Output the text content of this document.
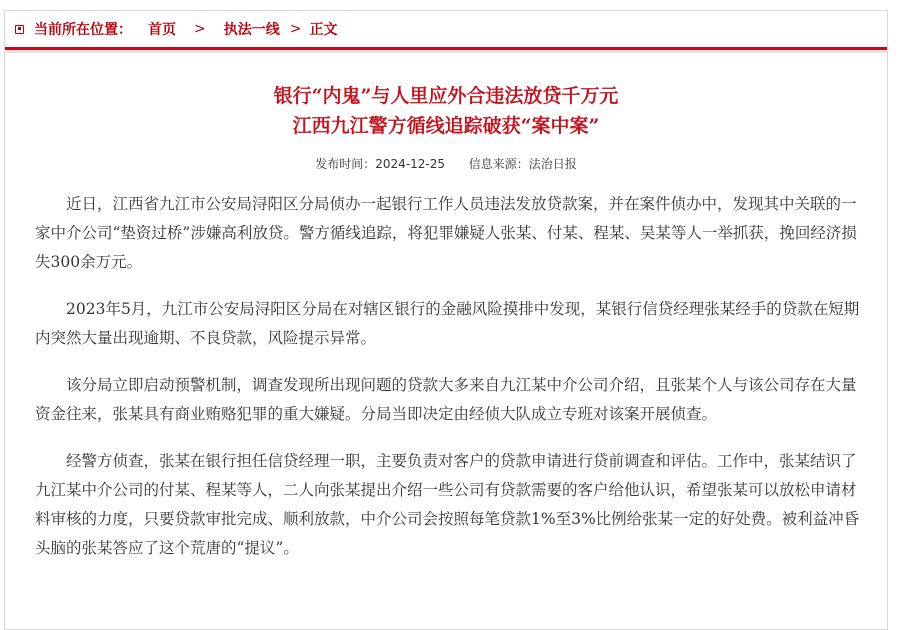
当前所在位置： 首页 > 执法一线 > 正文
银行“内鬼”与人里应外合违法放贷千万元
江西九江警方循线追踪破获“案中案”
发布时间：2024-12-25 信息来源：法治日报

近日，江西省九江市公安局浔阳区分局侦办一起银行工作人员违法发放贷款案，并在案件侦办中，发现其中关联的一家中介公司“垫资过桥”涉嫌高利放贷。警方循线追踪，将犯罪嫌疑人张某、付某、程某、吴某等人一举抓获，挽回经济损失300余万元。

2023年5月，九江市公安局浔阳区分局在对辖区银行的金融风险摸排中发现，某银行信贷经理张某经手的贷款在短期内突然大量出现逾期、不良贷款，风险提示异常。

该分局立即启动预警机制，调查发现所出现问题的贷款大多来自九江某中介公司介绍，且张某个人与该公司存在大量资金往来，张某具有商业贿赂犯罪的重大嫌疑。分局当即决定由经侦大队成立专班对该案开展侦查。

经警方侦查，张某在银行担任信贷经理一职，主要负责对客户的贷款申请进行贷前调查和评估。工作中，张某结识了九江某中介公司的付某、程某等人，二人向张某提出介绍一些公司有贷款需要的客户给他认识，希望张某可以放松申请材料审核的力度，只要贷款审批完成、顺利放款，中介公司会按照每笔贷款1%至3%比例给张某一定的好处费。被利益冲昏头脑的张某答应了这个荒唐的“提议”。
